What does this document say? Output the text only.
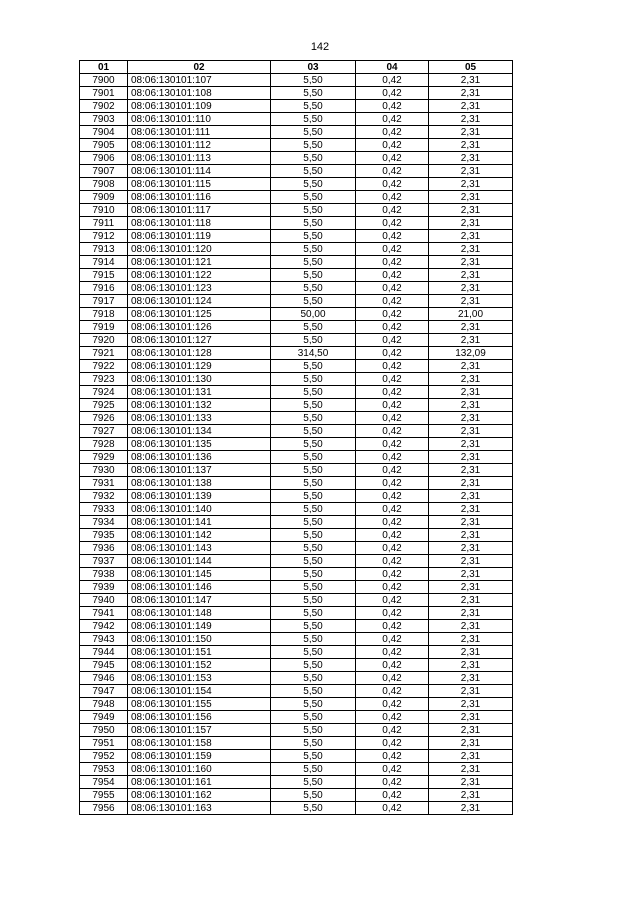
142
01	02	03	04	05
7900	08:06:130101:107	5,50	0,42	2,31
7901	08:06:130101:108	5,50	0,42	2,31
7902	08:06:130101:109	5,50	0,42	2,31
7903	08:06:130101:110	5,50	0,42	2,31
7904	08:06:130101:111	5,50	0,42	2,31
7905	08:06:130101:112	5,50	0,42	2,31
7906	08:06:130101:113	5,50	0,42	2,31
7907	08:06:130101:114	5,50	0,42	2,31
7908	08:06:130101:115	5,50	0,42	2,31
7909	08:06:130101:116	5,50	0,42	2,31
7910	08:06:130101:117	5,50	0,42	2,31
7911	08:06:130101:118	5,50	0,42	2,31
7912	08:06:130101:119	5,50	0,42	2,31
7913	08:06:130101:120	5,50	0,42	2,31
7914	08:06:130101:121	5,50	0,42	2,31
7915	08:06:130101:122	5,50	0,42	2,31
7916	08:06:130101:123	5,50	0,42	2,31
7917	08:06:130101:124	5,50	0,42	2,31
7918	08:06:130101:125	50,00	0,42	21,00
7919	08:06:130101:126	5,50	0,42	2,31
7920	08:06:130101:127	5,50	0,42	2,31
7921	08:06:130101:128	314,50	0,42	132,09
7922	08:06:130101:129	5,50	0,42	2,31
7923	08:06:130101:130	5,50	0,42	2,31
7924	08:06:130101:131	5,50	0,42	2,31
7925	08:06:130101:132	5,50	0,42	2,31
7926	08:06:130101:133	5,50	0,42	2,31
7927	08:06:130101:134	5,50	0,42	2,31
7928	08:06:130101:135	5,50	0,42	2,31
7929	08:06:130101:136	5,50	0,42	2,31
7930	08:06:130101:137	5,50	0,42	2,31
7931	08:06:130101:138	5,50	0,42	2,31
7932	08:06:130101:139	5,50	0,42	2,31
7933	08:06:130101:140	5,50	0,42	2,31
7934	08:06:130101:141	5,50	0,42	2,31
7935	08:06:130101:142	5,50	0,42	2,31
7936	08:06:130101:143	5,50	0,42	2,31
7937	08:06:130101:144	5,50	0,42	2,31
7938	08:06:130101:145	5,50	0,42	2,31
7939	08:06:130101:146	5,50	0,42	2,31
7940	08:06:130101:147	5,50	0,42	2,31
7941	08:06:130101:148	5,50	0,42	2,31
7942	08:06:130101:149	5,50	0,42	2,31
7943	08:06:130101:150	5,50	0,42	2,31
7944	08:06:130101:151	5,50	0,42	2,31
7945	08:06:130101:152	5,50	0,42	2,31
7946	08:06:130101:153	5,50	0,42	2,31
7947	08:06:130101:154	5,50	0,42	2,31
7948	08:06:130101:155	5,50	0,42	2,31
7949	08:06:130101:156	5,50	0,42	2,31
7950	08:06:130101:157	5,50	0,42	2,31
7951	08:06:130101:158	5,50	0,42	2,31
7952	08:06:130101:159	5,50	0,42	2,31
7953	08:06:130101:160	5,50	0,42	2,31
7954	08:06:130101:161	5,50	0,42	2,31
7955	08:06:130101:162	5,50	0,42	2,31
7956	08:06:130101:163	5,50	0,42	2,31
